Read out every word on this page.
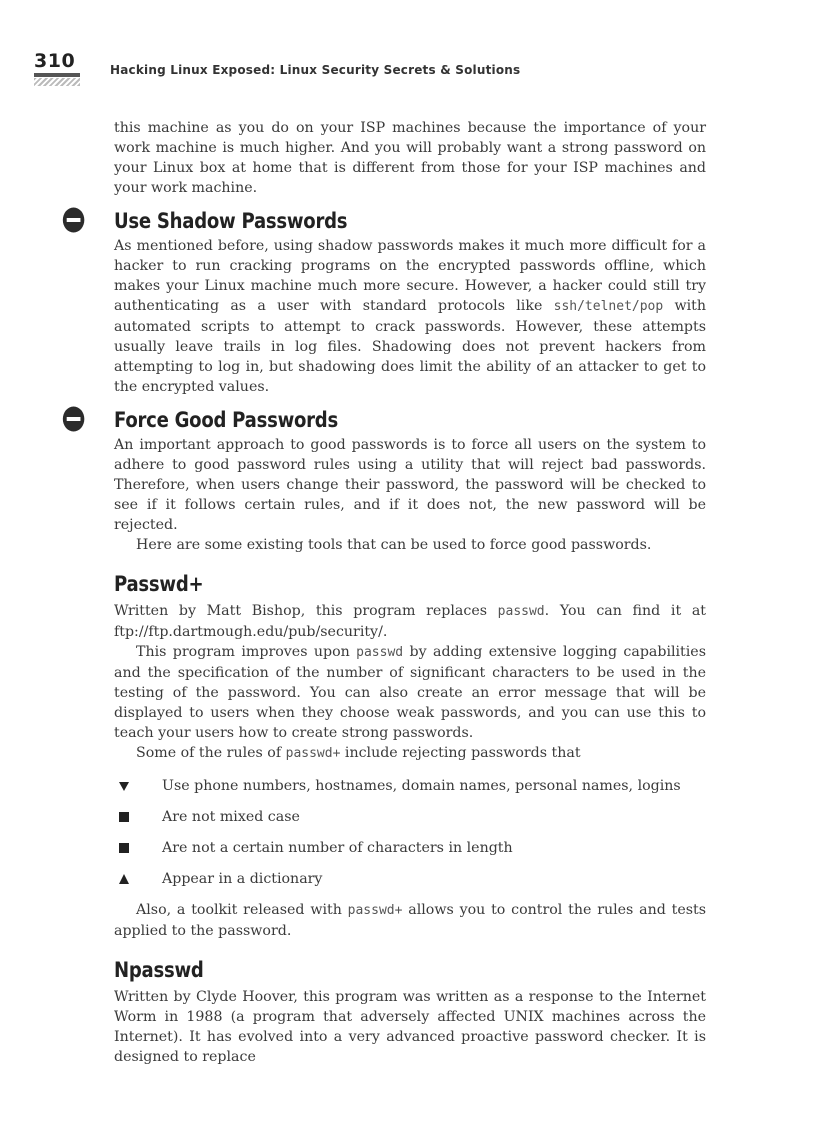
310	Hacking Linux Exposed: Linux Security Secrets & Solutions

this machine as you do on your ISP machines because the importance of your work machine is much higher. And you will probably want a strong password on your Linux box at home that is different from those for your ISP machines and your work machine.

Use Shadow Passwords

As mentioned before, using shadow passwords makes it much more difficult for a hacker to run cracking programs on the encrypted passwords offline, which makes your Linux machine much more secure. However, a hacker could still try authenticating as a user with standard protocols like ssh/telnet/pop with automated scripts to attempt to crack passwords. However, these attempts usually leave trails in log files. Shadowing does not prevent hackers from attempting to log in, but shadowing does limit the ability of an attacker to get to the encrypted values.

Force Good Passwords

An important approach to good passwords is to force all users on the system to adhere to good password rules using a utility that will reject bad passwords. Therefore, when users change their password, the password will be checked to see if it follows certain rules, and if it does not, the new password will be rejected.

Here are some existing tools that can be used to force good passwords.

Passwd+

Written by Matt Bishop, this program replaces passwd. You can find it at ftp://ftp.dartmough.edu/pub/security/.

This program improves upon passwd by adding extensive logging capabilities and the specification of the number of significant characters to be used in the testing of the password. You can also create an error message that will be displayed to users when they choose weak passwords, and you can use this to teach your users how to create strong passwords.

Some of the rules of passwd+ include rejecting passwords that

Use phone numbers, hostnames, domain names, personal names, logins
Are not mixed case
Are not a certain number of characters in length
Appear in a dictionary

Also, a toolkit released with passwd+ allows you to control the rules and tests applied to the password.

Npasswd

Written by Clyde Hoover, this program was written as a response to the Internet Worm in 1988 (a program that adversely affected UNIX machines across the Internet). It has evolved into a very advanced proactive password checker. It is designed to replace
